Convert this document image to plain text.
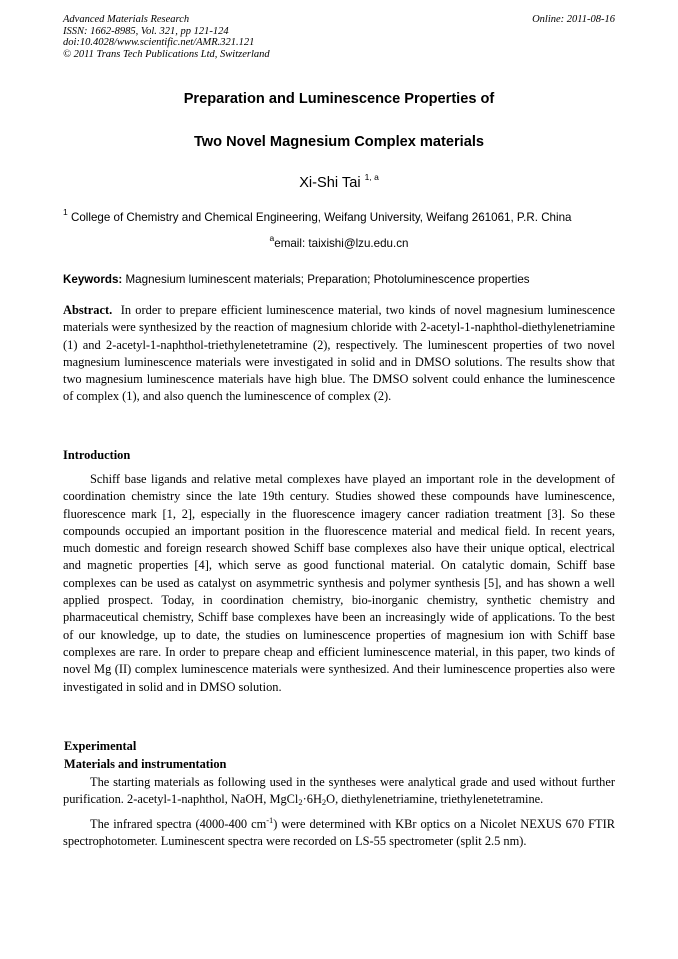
Advanced Materials Research
ISSN: 1662-8985, Vol. 321, pp 121-124
doi:10.4028/www.scientific.net/AMR.321.121
© 2011 Trans Tech Publications Ltd, Switzerland
Online: 2011-08-16
Preparation and Luminescence Properties of
Two Novel Magnesium Complex materials
Xi-Shi Tai $^{1, a}$
$^1$ College of Chemistry and Chemical Engineering, Weifang University, Weifang 261061, P.R. China
$^a$email: taixishi@lzu.edu.cn
Keywords: Magnesium luminescent materials; Preparation; Photoluminescence properties

Abstract. In order to prepare efficient luminescence material, two kinds of novel magnesium luminescence materials were synthesized by the reaction of magnesium chloride with 2-acetyl-1-naphthol-diethylenetriamine (1) and 2-acetyl-1-naphthol-triethylenetetramine (2), respectively. The luminescent properties of two novel magnesium luminescence materials were investigated in solid and in DMSO solutions. The results show that two magnesium luminescence materials have high blue. The DMSO solvent could enhance the luminescence of complex (1), and also quench the luminescence of complex (2).

Introduction

Schiff base ligands and relative metal complexes have played an important role in the development of coordination chemistry since the late 19th century. Studies showed these compounds have luminescence, fluorescence mark [1, 2], especially in the fluorescence imagery cancer radiation treatment [3]. So these compounds occupied an important position in the fluorescence material and medical field. In recent years, much domestic and foreign research showed Schiff base complexes also have their unique optical, electrical and magnetic properties [4], which serve as good functional material. On catalytic domain, Schiff base complexes can be used as catalyst on asymmetric synthesis and polymer synthesis [5], and has shown a well applied prospect. Today, in coordination chemistry, bio-inorganic chemistry, synthetic chemistry and pharmaceutical chemistry, Schiff base complexes have been an increasingly wide of applications. To the best of our knowledge, up to date, the studies on luminescence properties of magnesium ion with Schiff base complexes are rare. In order to prepare cheap and efficient luminescence material, in this paper, two kinds of novel Mg (II) complex luminescence materials were synthesized. And their luminescence properties also were investigated in solid and in DMSO solution.

Experimental
Materials and instrumentation

The starting materials as following used in the syntheses were analytical grade and used without further purification. 2-acetyl-1-naphthol, NaOH, $MgCl_2\cdot 6H_2O$, diethylenetriamine, triethylenetetramine.

The infrared spectra (4000-400 $cm^{-1}$) were determined with KBr optics on a Nicolet NEXUS 670 FTIR spectrophotometer. Luminescent spectra were recorded on LS-55 spectrometer (split 2.5 nm).
